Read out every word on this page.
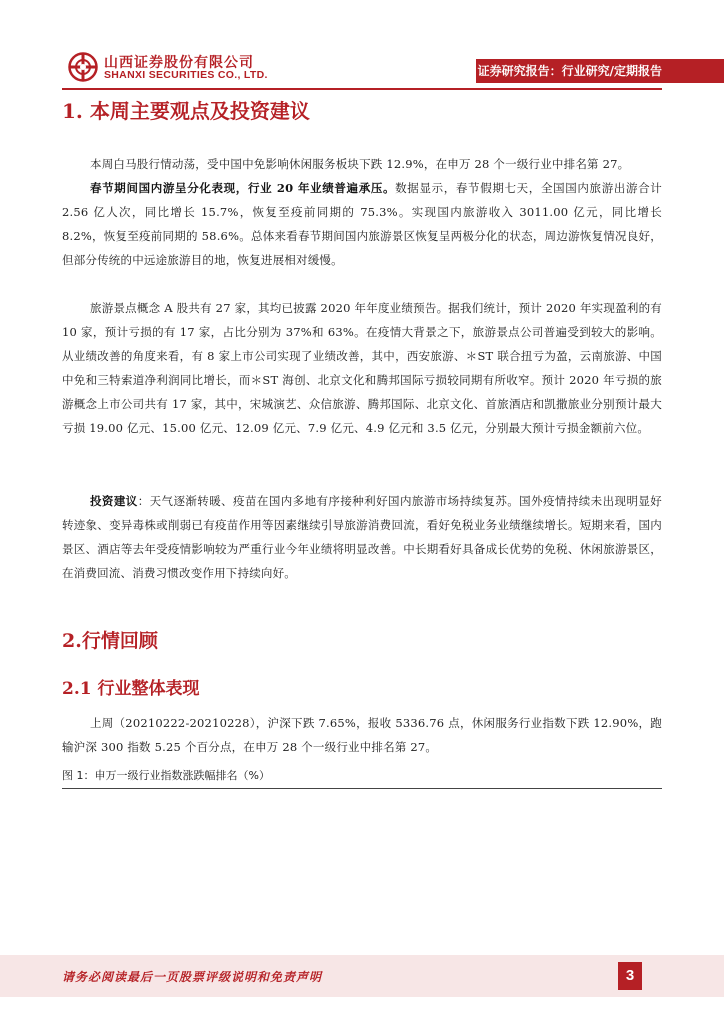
山西证券股份有限公司
SHANXI SECURITIES CO., LTD.	证券研究报告：行业研究/定期报告
1. 本周主要观点及投资建议

本周白马股行情动荡，受中国中免影响休闲服务板块下跌 12.9%，在申万 28 个一级行业中排名第 27。

春节期间国内游呈分化表现，行业 20 年业绩普遍承压。数据显示，春节假期七天，全国国内旅游出游合计 2.56 亿人次，同比增长 15.7%，恢复至疫前同期的 75.3%。实现国内旅游收入 3011.00 亿元，同比增长 8.2%，恢复至疫前同期的 58.6%。总体来看春节期间国内旅游景区恢复呈两极分化的状态，周边游恢复情况良好，但部分传统的中远途旅游目的地，恢复进展相对缓慢。

旅游景点概念 A 股共有 27 家，其均已披露 2020 年年度业绩预告。据我们统计，预计 2020 年实现盈利的有 10 家，预计亏损的有 17 家，占比分别为 37%和 63%。在疫情大背景之下，旅游景点公司普遍受到较大的影响。从业绩改善的角度来看，有 8 家上市公司实现了业绩改善，其中，西安旅游、＊ST 联合扭亏为盈，云南旅游、中国中免和三特索道净利润同比增长，而＊ST 海创、北京文化和腾邦国际亏损较同期有所收窄。预计 2020 年亏损的旅游概念上市公司共有 17 家，其中，宋城演艺、众信旅游、腾邦国际、北京文化、首旅酒店和凯撒旅业分别预计最大亏损 19.00 亿元、15.00 亿元、12.09 亿元、7.9 亿元、4.9 亿元和 3.5 亿元，分别最大预计亏损金额前六位。

投资建议：天气逐渐转暖、疫苗在国内多地有序接种利好国内旅游市场持续复苏。国外疫情持续未出现明显好转迹象、变异毒株或削弱已有疫苗作用等因素继续引导旅游消费回流，看好免税业务业绩继续增长。短期来看，国内景区、酒店等去年受疫情影响较为严重行业今年业绩将明显改善。中长期看好具备成长优势的免税、休闲旅游景区，在消费回流、消费习惯改变作用下持续向好。

2.行情回顾
2.1 行业整体表现

上周（20210222-20210228），沪深下跌 7.65%，报收 5336.76 点，休闲服务行业指数下跌 12.90%，跑输沪深 300 指数 5.25 个百分点，在申万 28 个一级行业中排名第 27。

图 1：申万一级行业指数涨跌幅排名（%）
请务必阅读最后一页股票评级说明和免责声明	3
